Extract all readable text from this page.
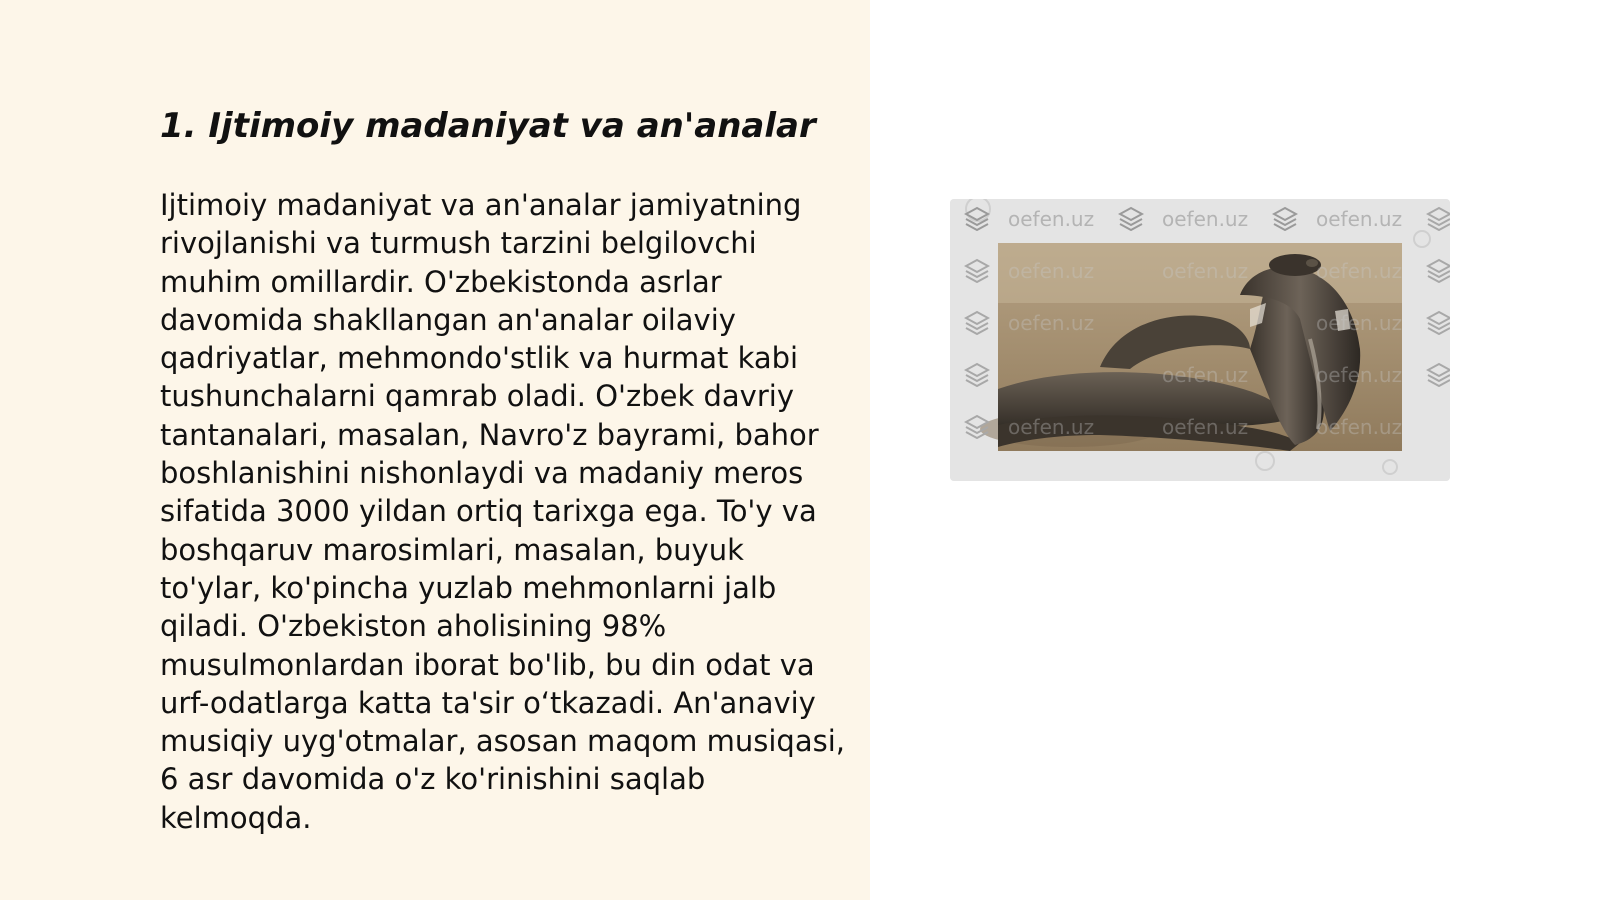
1. Ijtimoiy madaniyat va an'analar

Ijtimoiy madaniyat va an'analar jamiyatning rivojlanishi va turmush tarzini belgilovchi muhim omillardir. O'zbekistonda asrlar davomida shakllangan an'analar oilaviy qadriyatlar, mehmondo'stlik va hurmat kabi tushunchalarni qamrab oladi. O'zbek davriy tantanalari, masalan, Navro'z bayrami, bahor boshlanishini nishonlaydi va madaniy meros sifatida 3000 yildan ortiq tarixga ega. To'y va boshqaruv marosimlari, masalan, buyuk to'ylar, ko'pincha yuzlab mehmonlarni jalb qiladi. O'zbekiston aholisining 98% musulmonlardan iborat bo'lib, bu din odat va urf-odatlarga katta ta'sir o‘tkazadi. An'anaviy musiqiy uyg'otmalar, asosan maqom musiqasi, 6 asr davomida o'z ko'rinishini saqlab kelmoqda.

oefen.uz	oefen.uz	oefen.uz
oefen.uz	oefen.uz	oefen.uz
oefen.uz	oefen.uz
oefen.uz	oefen.uz
oefen.uz	oefen.uz	oefen.uz
